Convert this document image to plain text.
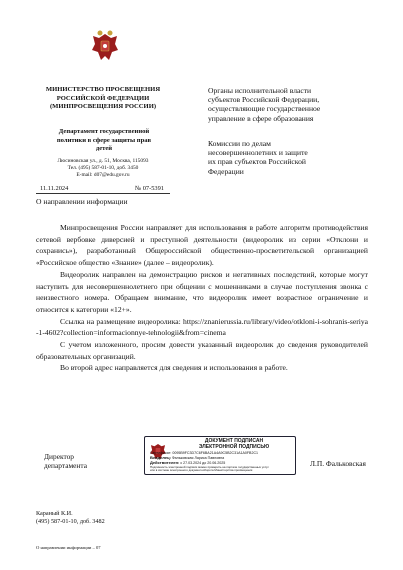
МИНИСТЕРСТВО ПРОСВЕЩЕНИЯ
РОССИЙСКОЙ ФЕДЕРАЦИИ
(МИНПРОСВЕЩЕНИЯ РОССИИ)
Департамент государственной
политики в сфере защиты прав
детей
Люсиновская ул., д. 51, Москва, 115093
Тел. (495) 587-01-10, доб. 3450
E-mail: d07@edu.gov.ru
11.11.2024	№ 07-5391
О направлении информации
Органы исполнительной власти
субъектов Российской Федерации,
осуществляющие государственное
управление в сфере образования
Комиссии по делам
несовершеннолетних и защите
их прав субъектов Российской
Федерации

Минпросвещения России направляет для использования в работе алгоритм противодействия сетевой вербовке диверсией и преступной деятельности (видеоролик из серии «Отклони и сохранись»), разработанный Общероссийской общественно-просветительской организацией «Российское общество «Знание» (далее – видеоролик).

Видеоролик направлен на демонстрацию рисков и негативных последствий, которые могут наступить для несовершеннолетнего при общении с мошенниками в случае поступления звонка с неизвестного номера. Обращаем внимание, что видеоролик имеет возрастное ограничение и относится к категории «12+».

Ссылка на размещение видеоролика: https://znanierussia.ru/library/video/otkloni-i-sohranis-seriya-1-4602?collection=informacionnye-tehnologii&from=cinema

С учетом изложенного, просим довести указанный видеоролик до сведения руководителей образовательных организаций.

Во второй адрес направляется для сведения и использования в работе.

Директор
департамента
ДОКУМЕНТ ПОДПИСАН
ЭЛЕКТРОННОЙ ПОДПИСЬЮ
Сертификат: 0095B9FC3D7C6F6BA21A4A9C5B2C31A1A0FB2C1
Владелец: Фальковская Лариса Павловна
Действителен: с 27.03.2024 до 20.06.2025
Подлинность электронной подписи можно проверить на портале государственных услуг
или в системе электронного документооборота Министерства просвещения
Л.П. Фальковская
Караный К.И.
(495) 587-01-10, доб. 3482
О направлении информации – 07
